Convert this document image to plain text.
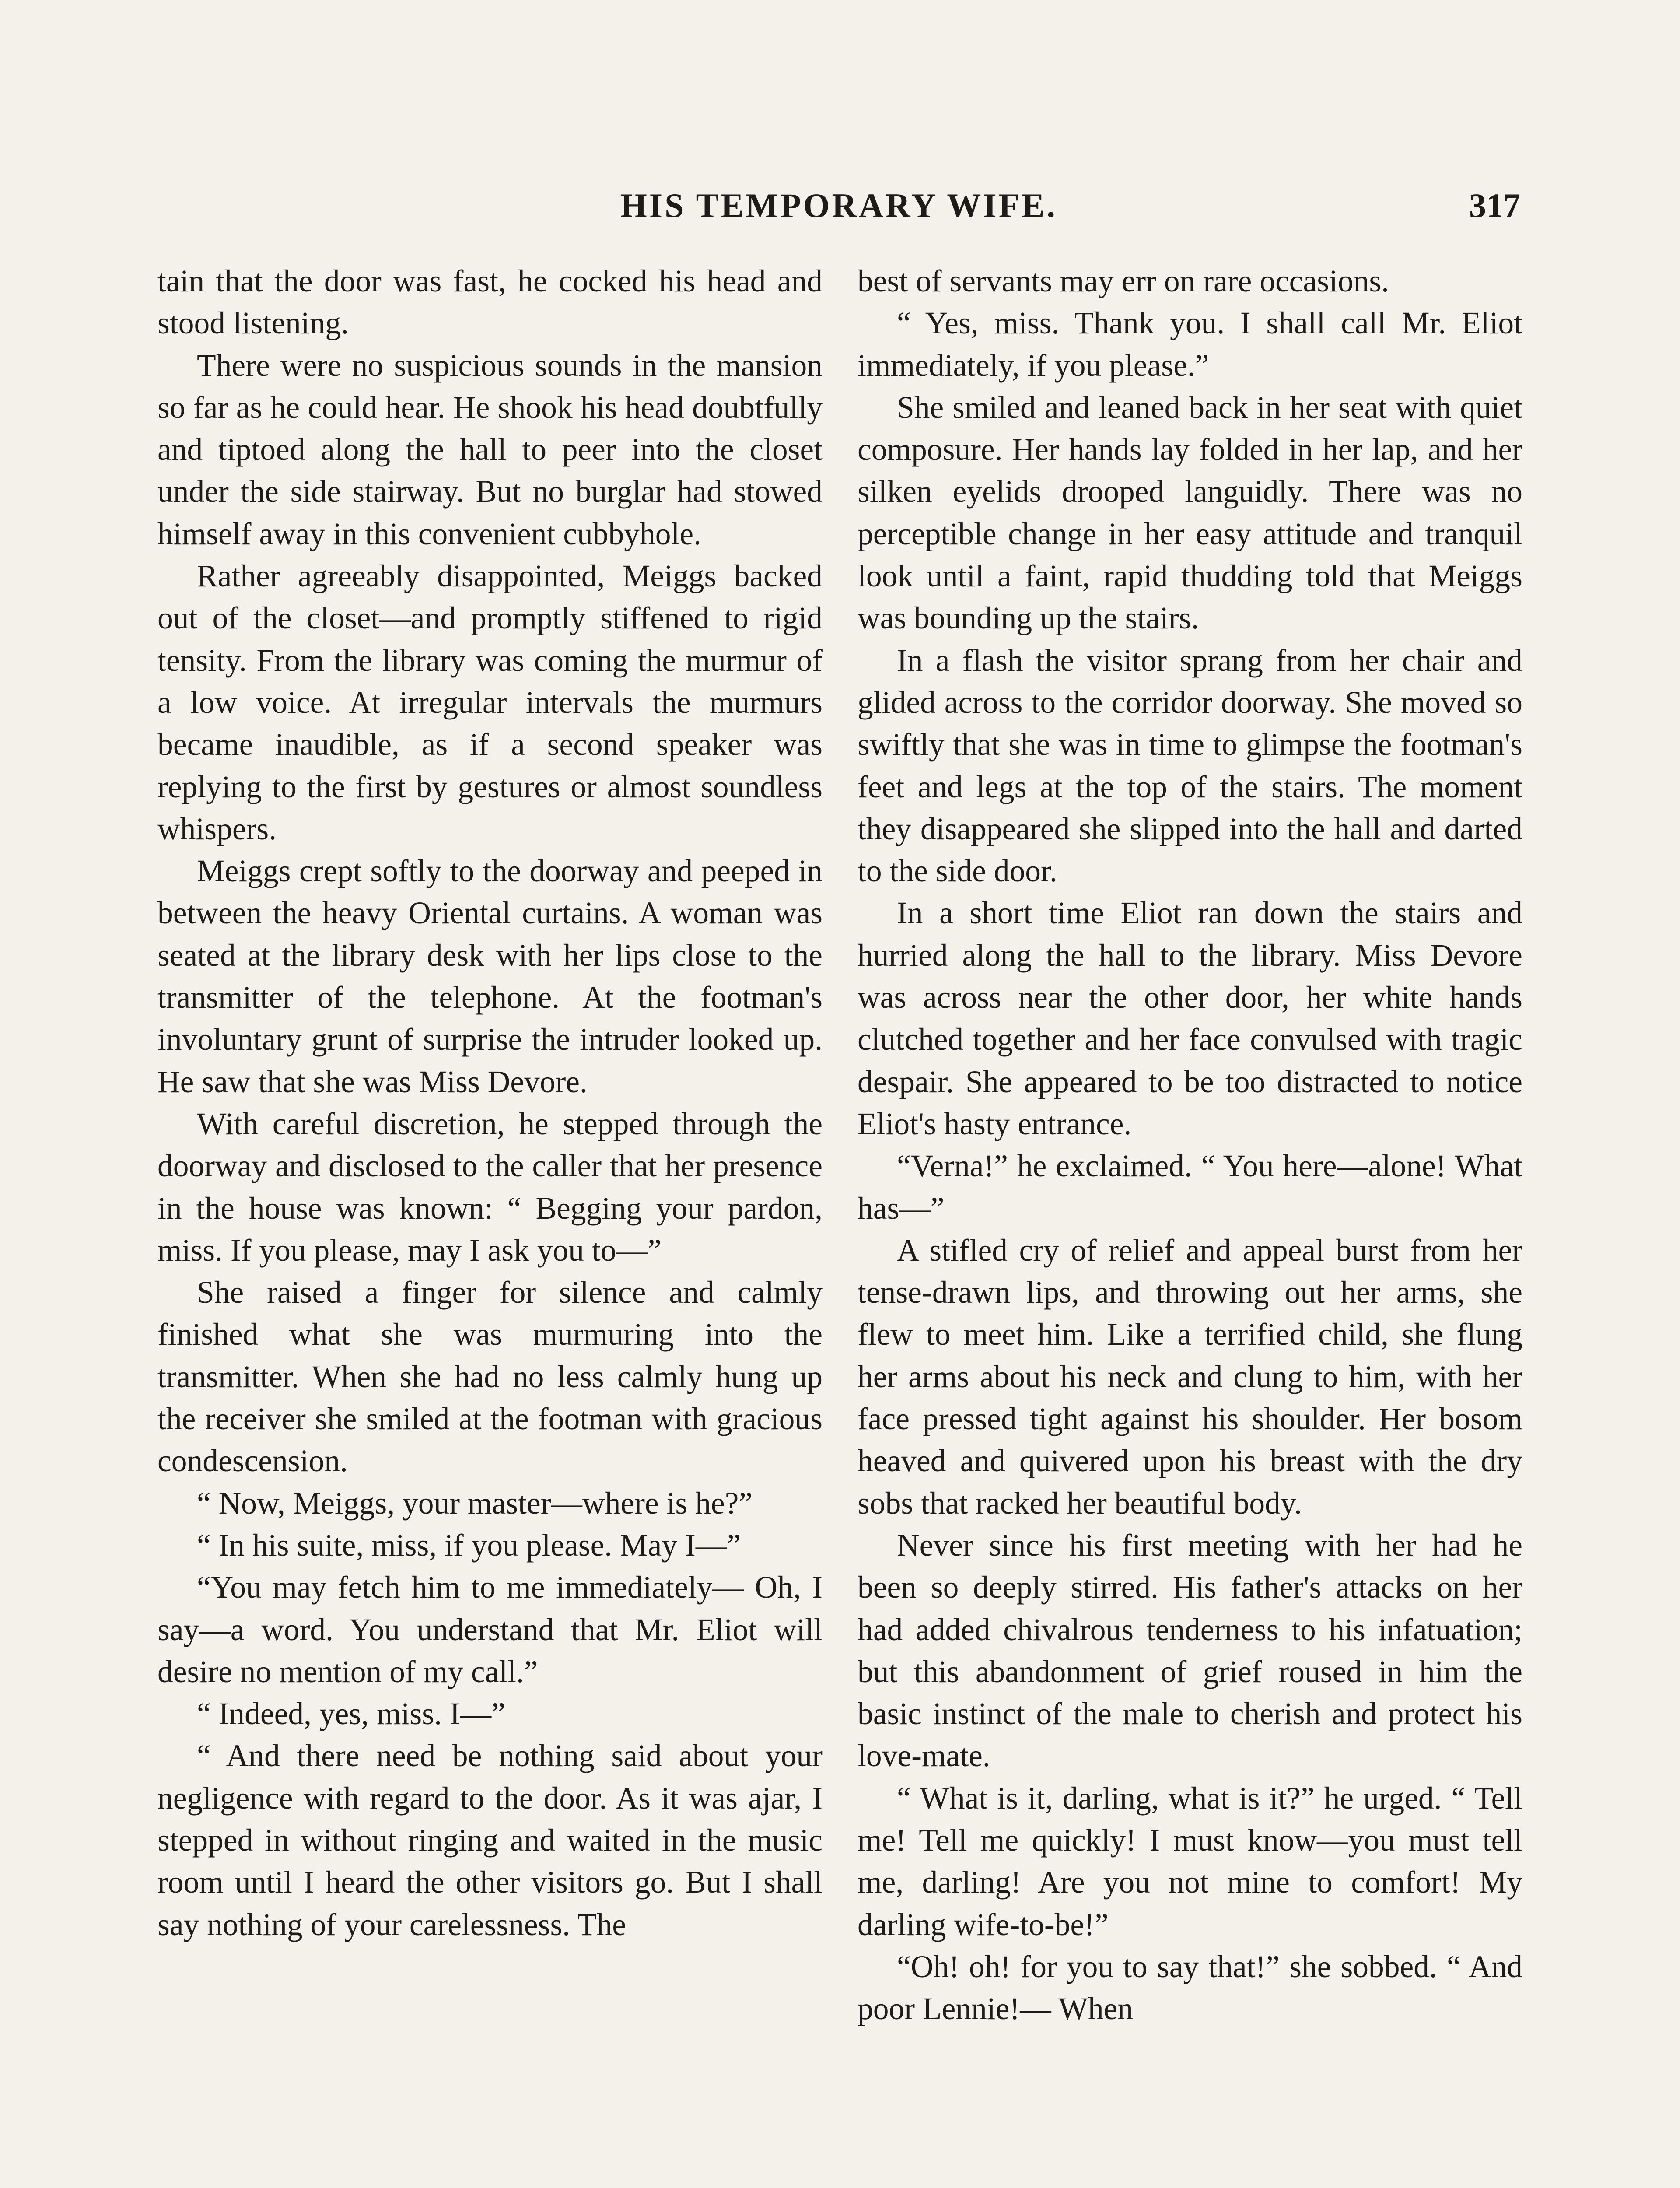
HIS TEMPORARY WIFE.	317

tain that the door was fast, he cocked his head and stood listening.

There were no suspicious sounds in the mansion so far as he could hear. He shook his head doubtfully and tiptoed along the hall to peer into the closet under the side stairway. But no burglar had stowed himself away in this convenient cubbyhole.

Rather agreeably disappointed, Meiggs backed out of the closet—and promptly stiffened to rigid tensity. From the library was coming the murmur of a low voice. At irregular intervals the murmurs became inaudible, as if a second speaker was replying to the first by gestures or almost soundless whispers.

Meiggs crept softly to the doorway and peeped in between the heavy Oriental curtains. A woman was seated at the library desk with her lips close to the transmitter of the telephone. At the footman's involuntary grunt of surprise the intruder looked up. He saw that she was Miss Devore.

With careful discretion, he stepped through the doorway and disclosed to the caller that her presence in the house was known: “ Begging your pardon, miss. If you please, may I ask you to—”

She raised a finger for silence and calmly finished what she was murmuring into the transmitter. When she had no less calmly hung up the receiver she smiled at the footman with gracious condescension.

“ Now, Meiggs, your master—where is he?”

“ In his suite, miss, if you please. May I—”

“You may fetch him to me immediately— Oh, I say—a word. You understand that Mr. Eliot will desire no mention of my call.”

“ Indeed, yes, miss. I—”

“ And there need be nothing said about your negligence with regard to the door. As it was ajar, I stepped in without ringing and waited in the music room until I heard the other visitors go. But I shall say nothing of your carelessness. The

best of servants may err on rare occasions.

“ Yes, miss. Thank you. I shall call Mr. Eliot immediately, if you please.”

She smiled and leaned back in her seat with quiet composure. Her hands lay folded in her lap, and her silken eyelids drooped languidly. There was no perceptible change in her easy attitude and tranquil look until a faint, rapid thudding told that Meiggs was bounding up the stairs.

In a flash the visitor sprang from her chair and glided across to the corridor doorway. She moved so swiftly that she was in time to glimpse the footman's feet and legs at the top of the stairs. The moment they disappeared she slipped into the hall and darted to the side door.

In a short time Eliot ran down the stairs and hurried along the hall to the library. Miss Devore was across near the other door, her white hands clutched together and her face convulsed with tragic despair. She appeared to be too distracted to notice Eliot's hasty entrance.

“Verna!” he exclaimed. “ You here—alone! What has—”

A stifled cry of relief and appeal burst from her tense-drawn lips, and throwing out her arms, she flew to meet him. Like a terrified child, she flung her arms about his neck and clung to him, with her face pressed tight against his shoulder. Her bosom heaved and quivered upon his breast with the dry sobs that racked her beautiful body.

Never since his first meeting with her had he been so deeply stirred. His father's attacks on her had added chivalrous tenderness to his infatuation; but this abandonment of grief roused in him the basic instinct of the male to cherish and protect his love-mate.

“ What is it, darling, what is it?” he urged. “ Tell me! Tell me quickly! I must know—you must tell me, darling! Are you not mine to comfort! My darling wife-to-be!”

“Oh! oh! for you to say that!” she sobbed. “ And poor Lennie!— When
